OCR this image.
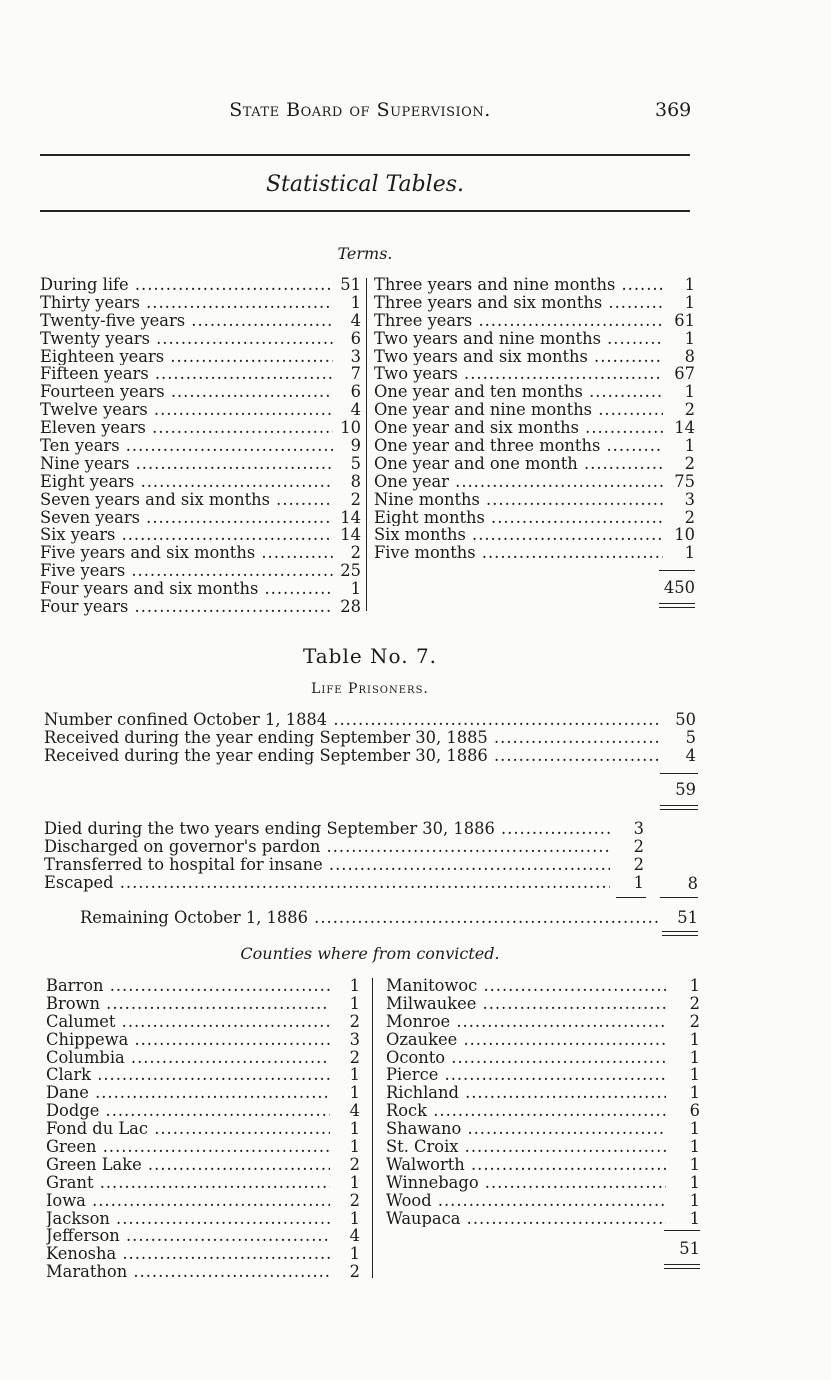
State Board of Supervision.	369
Statistical Tables.
Terms.
During life .....	51
Thirty years .....	1
Twenty-five years .....	4
Twenty years .....	6
Eighteen years .....	3
Fifteen years .....	7
Fourteen years .....	6
Twelve years .....	4
Eleven years .....	10
Ten years .....	9
Nine years .....	5
Eight years .....	8
Seven years and six months .....	2
Seven years .....	14
Six years .....	14
Five years and six months .....	2
Five years .....	25
Four years and six months .....	1
Four years .....	28
Three years and nine months .....	1
Three years and six months .....	1
Three years .....	61
Two years and nine months .....	1
Two years and six months .....	8
Two years .....	67
One year and ten months .....	1
One year and nine months .....	2
One year and six months .....	14
One year and three months .....	1
One year and one month .....	2
One year .....	75
Nine months .....	3
Eight months .....	2
Six months .....	10
Five months .....	1
450
Table No. 7.
Life Prisoners.
Number confined October 1, 1884 .....	50
Received during the year ending September 30, 1885 .....	5
Received during the year ending September 30, 1886 .....	4
59
Died during the two years ending September 30, 1886 .....	3
Discharged on governor's pardon .....	2
Transferred to hospital for insane .....	2
Escaped .....	1	8
Remaining October 1, 1886 .....	51
Counties where from convicted.
Barron .....	1
Brown .....	1
Calumet .....	2
Chippewa .....	3
Columbia .....	2
Clark .....	1
Dane .....	1
Dodge .....	4
Fond du Lac .....	1
Green .....	1
Green Lake .....	2
Grant .....	1
Iowa .....	2
Jackson .....	1
Jefferson .....	4
Kenosha .....	1
Marathon .....	2
Manitowoc .....	1
Milwaukee .....	2
Monroe .....	2
Ozaukee .....	1
Oconto .....	1
Pierce .....	1
Richland .....	1
Rock .....	6
Shawano .....	1
St. Croix .....	1
Walworth .....	1
Winnebago .....	1
Wood .....	1
Waupaca .....	1
51
